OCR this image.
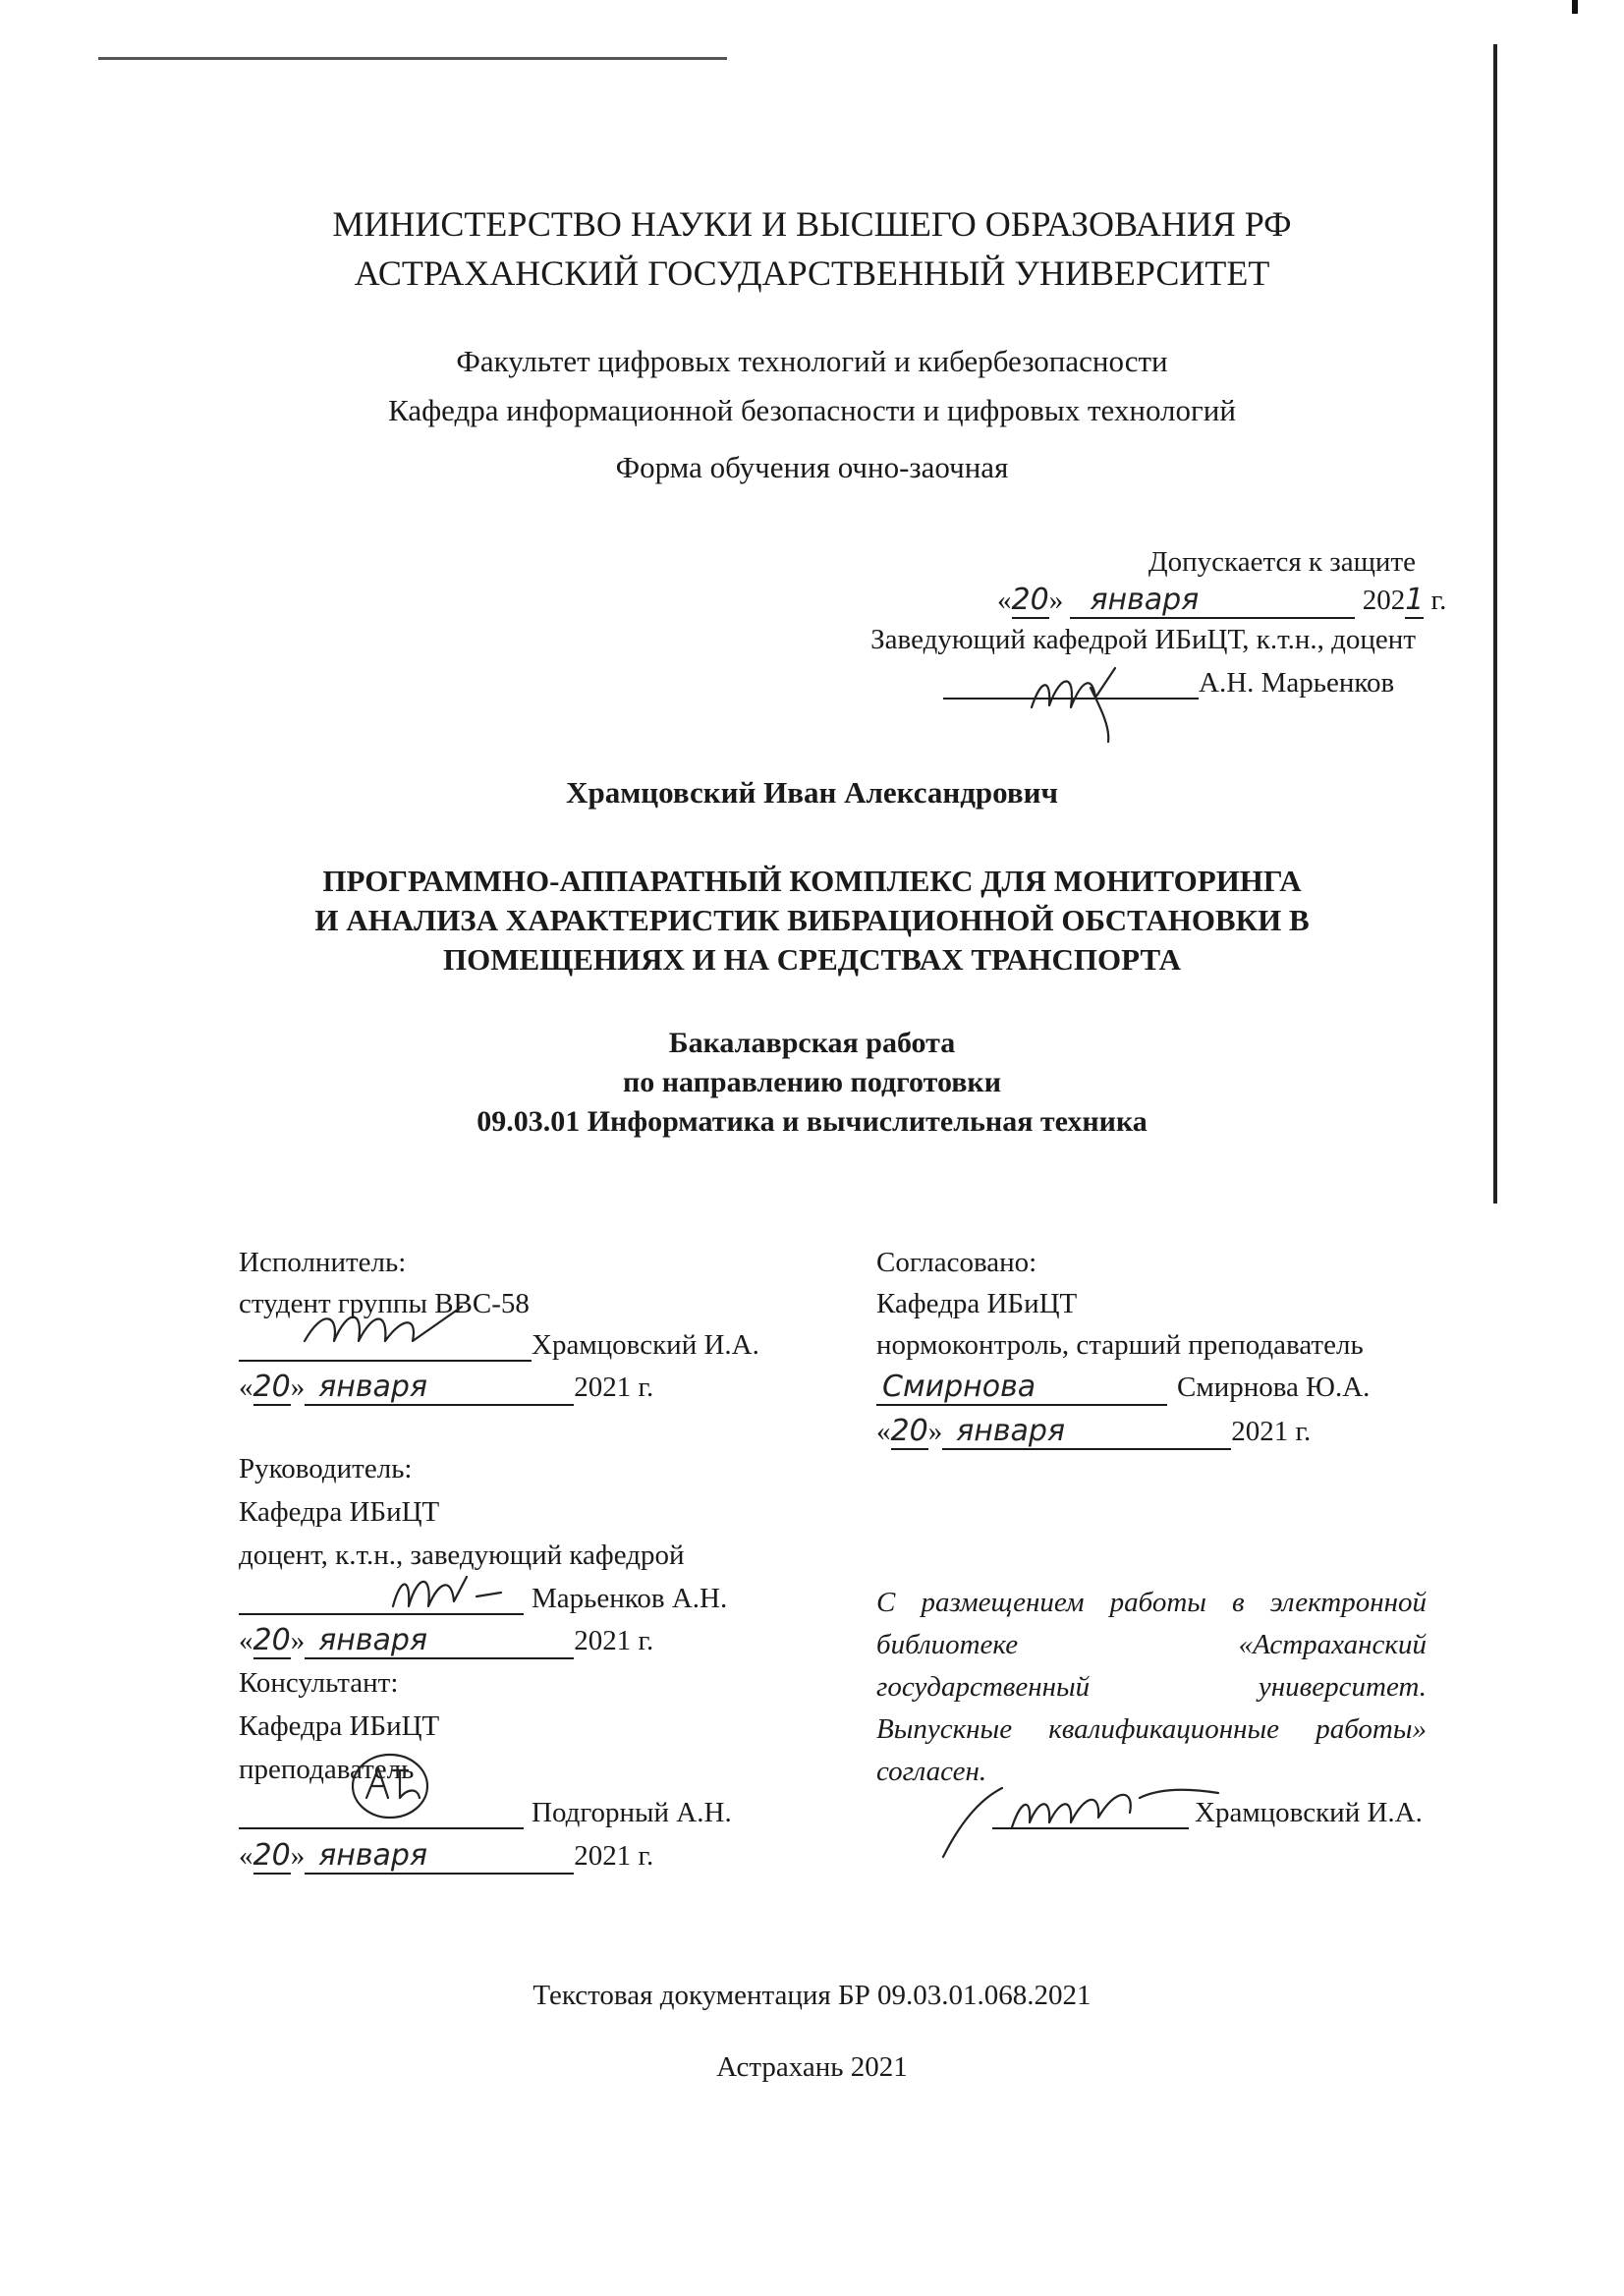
МИНИСТЕРСТВО НАУКИ И ВЫСШЕГО ОБРАЗОВАНИЯ РФ
АСТРАХАНСКИЙ ГОСУДАРСТВЕННЫЙ УНИВЕРСИТЕТ
Факультет цифровых технологий и кибербезопасности
Кафедра информационной безопасности и цифровых технологий
Форма обучения очно-заочная
Допускается к защите
«20» января	2021 г.
Заведующий кафедрой ИБиЦТ, к.т.н., доцент
А.Н. Марьенков
Храмцовский Иван Александрович
ПРОГРАММНО-АППАРАТНЫЙ КОМПЛЕКС ДЛЯ МОНИТОРИНГА
И АНАЛИЗА ХАРАКТЕРИСТИК ВИБРАЦИОННОЙ ОБСТАНОВКИ В
ПОМЕЩЕНИЯХ И НА СРЕДСТВАХ ТРАНСПОРТА
Бакалаврская работа
по направлению подготовки
09.03.01 Информатика и вычислительная техника
Исполнитель:
студент группы ВВС-58
Храмцовский И.А.
«20» января	2021 г.
Руководитель:
Кафедра ИБиЦТ
доцент, к.т.н., заведующий кафедрой
Марьенков А.Н.
«20» января	2021 г.
Консультант:
Кафедра ИБиЦТ
преподаватель
Подгорный А.Н.
«20» января	2021 г.
Согласовано:
Кафедра ИБиЦТ
нормоконтроль, старший преподаватель
Смирнова	Смирнова Ю.А.
«20» января	2021 г.
С размещением работы в электронной
библиотеке	«Астраханский
государственный	университет.
Выпускные квалификационные работы»
согласен.
Храмцовский И.А.
Текстовая документация БР 09.03.01.068.2021
Астрахань 2021
